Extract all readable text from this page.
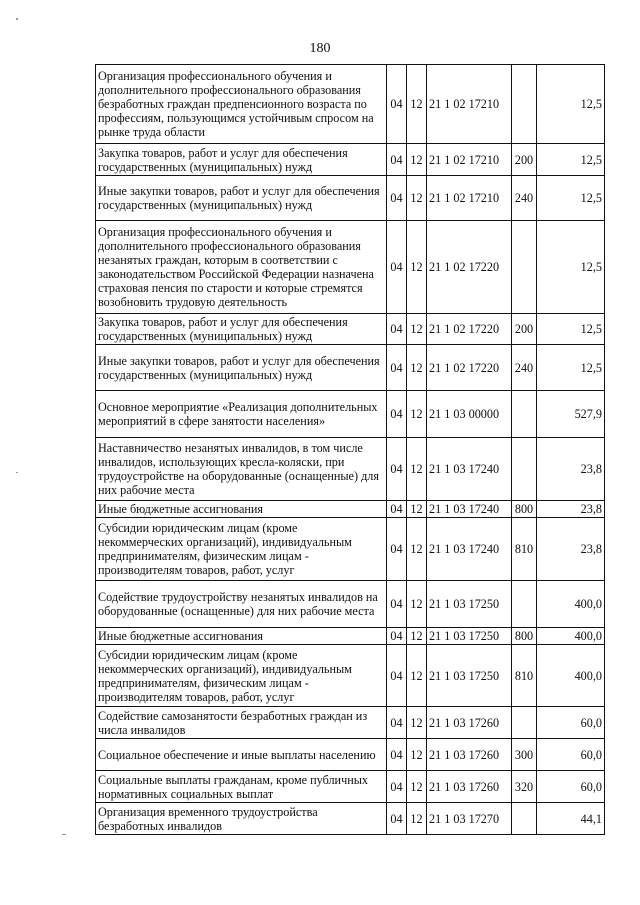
180
Организация профессионального обучения и дополнительного профессионального образования безработных граждан предпенсионного возраста по профессиям, пользующимся устойчивым спросом на рынке труда области	04	12	21 1 02 17210		12,5
Закупка товаров, работ и услуг для обеспечения государственных (муниципальных) нужд	04	12	21 1 02 17210	200	12,5
Иные закупки товаров, работ и услуг для обеспечения государственных (муниципальных) нужд	04	12	21 1 02 17210	240	12,5
Организация профессионального обучения и дополнительного профессионального образования незанятых граждан, которым в соответствии с законодательством Российской Федерации назначена страховая пенсия по старости и которые стремятся возобновить трудовую деятельность	04	12	21 1 02 17220		12,5
Закупка товаров, работ и услуг для обеспечения государственных (муниципальных) нужд	04	12	21 1 02 17220	200	12,5
Иные закупки товаров, работ и услуг для обеспечения государственных (муниципальных) нужд	04	12	21 1 02 17220	240	12,5
Основное мероприятие «Реализация дополнительных мероприятий в сфере занятости населения»	04	12	21 1 03 00000		527,9
Наставничество незанятых инвалидов, в том числе инвалидов, использующих кресла-коляски, при трудоустройстве на оборудованные (оснащенные) для них рабочие места	04	12	21 1 03 17240		23,8
Иные бюджетные ассигнования	04	12	21 1 03 17240	800	23,8
Субсидии юридическим лицам (кроме некоммерческих организаций), индивидуальным предпринимателям, физическим лицам - производителям товаров, работ, услуг	04	12	21 1 03 17240	810	23,8
Содействие трудоустройству незанятых инвалидов на оборудованные (оснащенные) для них рабочие места	04	12	21 1 03 17250		400,0
Иные бюджетные ассигнования	04	12	21 1 03 17250	800	400,0
Субсидии юридическим лицам (кроме некоммерческих организаций), индивидуальным предпринимателям, физическим лицам - производителям товаров, работ, услуг	04	12	21 1 03 17250	810	400,0
Содействие самозанятости безработных граждан из числа инвалидов	04	12	21 1 03 17260		60,0
Социальное обеспечение и иные выплаты населению	04	12	21 1 03 17260	300	60,0
Социальные выплаты гражданам, кроме публичных нормативных социальных выплат	04	12	21 1 03 17260	320	60,0
Организация временного трудоустройства безработных инвалидов	04	12	21 1 03 17270		44,1
